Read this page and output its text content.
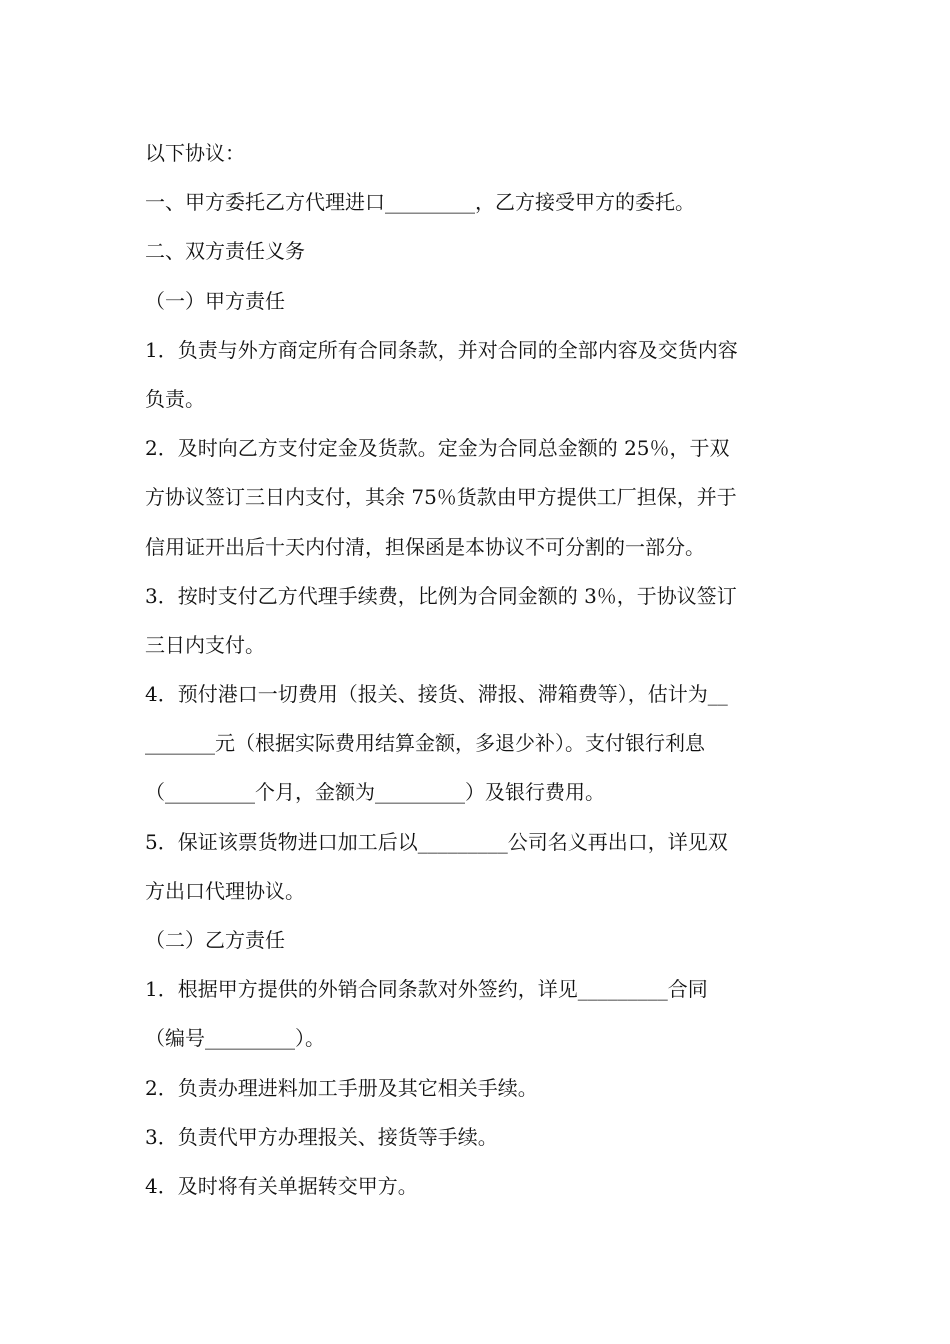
以下协议：
一、甲方委托乙方代理进口_________，乙方接受甲方的委托。
二、双方责任义务
（一）甲方责任
1．负责与外方商定所有合同条款，并对合同的全部内容及交货内容
负责。
2．及时向乙方支付定金及货款。定金为合同总金额的 25％，于双
方协议签订三日内支付，其余 75％货款由甲方提供工厂担保，并于
信用证开出后十天内付清，担保函是本协议不可分割的一部分。
3．按时支付乙方代理手续费，比例为合同金额的 3％，于协议签订
三日内支付。
4．预付港口一切费用（报关、接货、滞报、滞箱费等），估计为__
_______元（根据实际费用结算金额，多退少补）。支付银行利息
（_________个月，金额为_________）及银行费用。
5．保证该票货物进口加工后以_________公司名义再出口，详见双
方出口代理协议。
（二）乙方责任
1．根据甲方提供的外销合同条款对外签约，详见_________合同
（编号_________）。
2．负责办理进料加工手册及其它相关手续。
3．负责代甲方办理报关、接货等手续。
4．及时将有关单据转交甲方。
